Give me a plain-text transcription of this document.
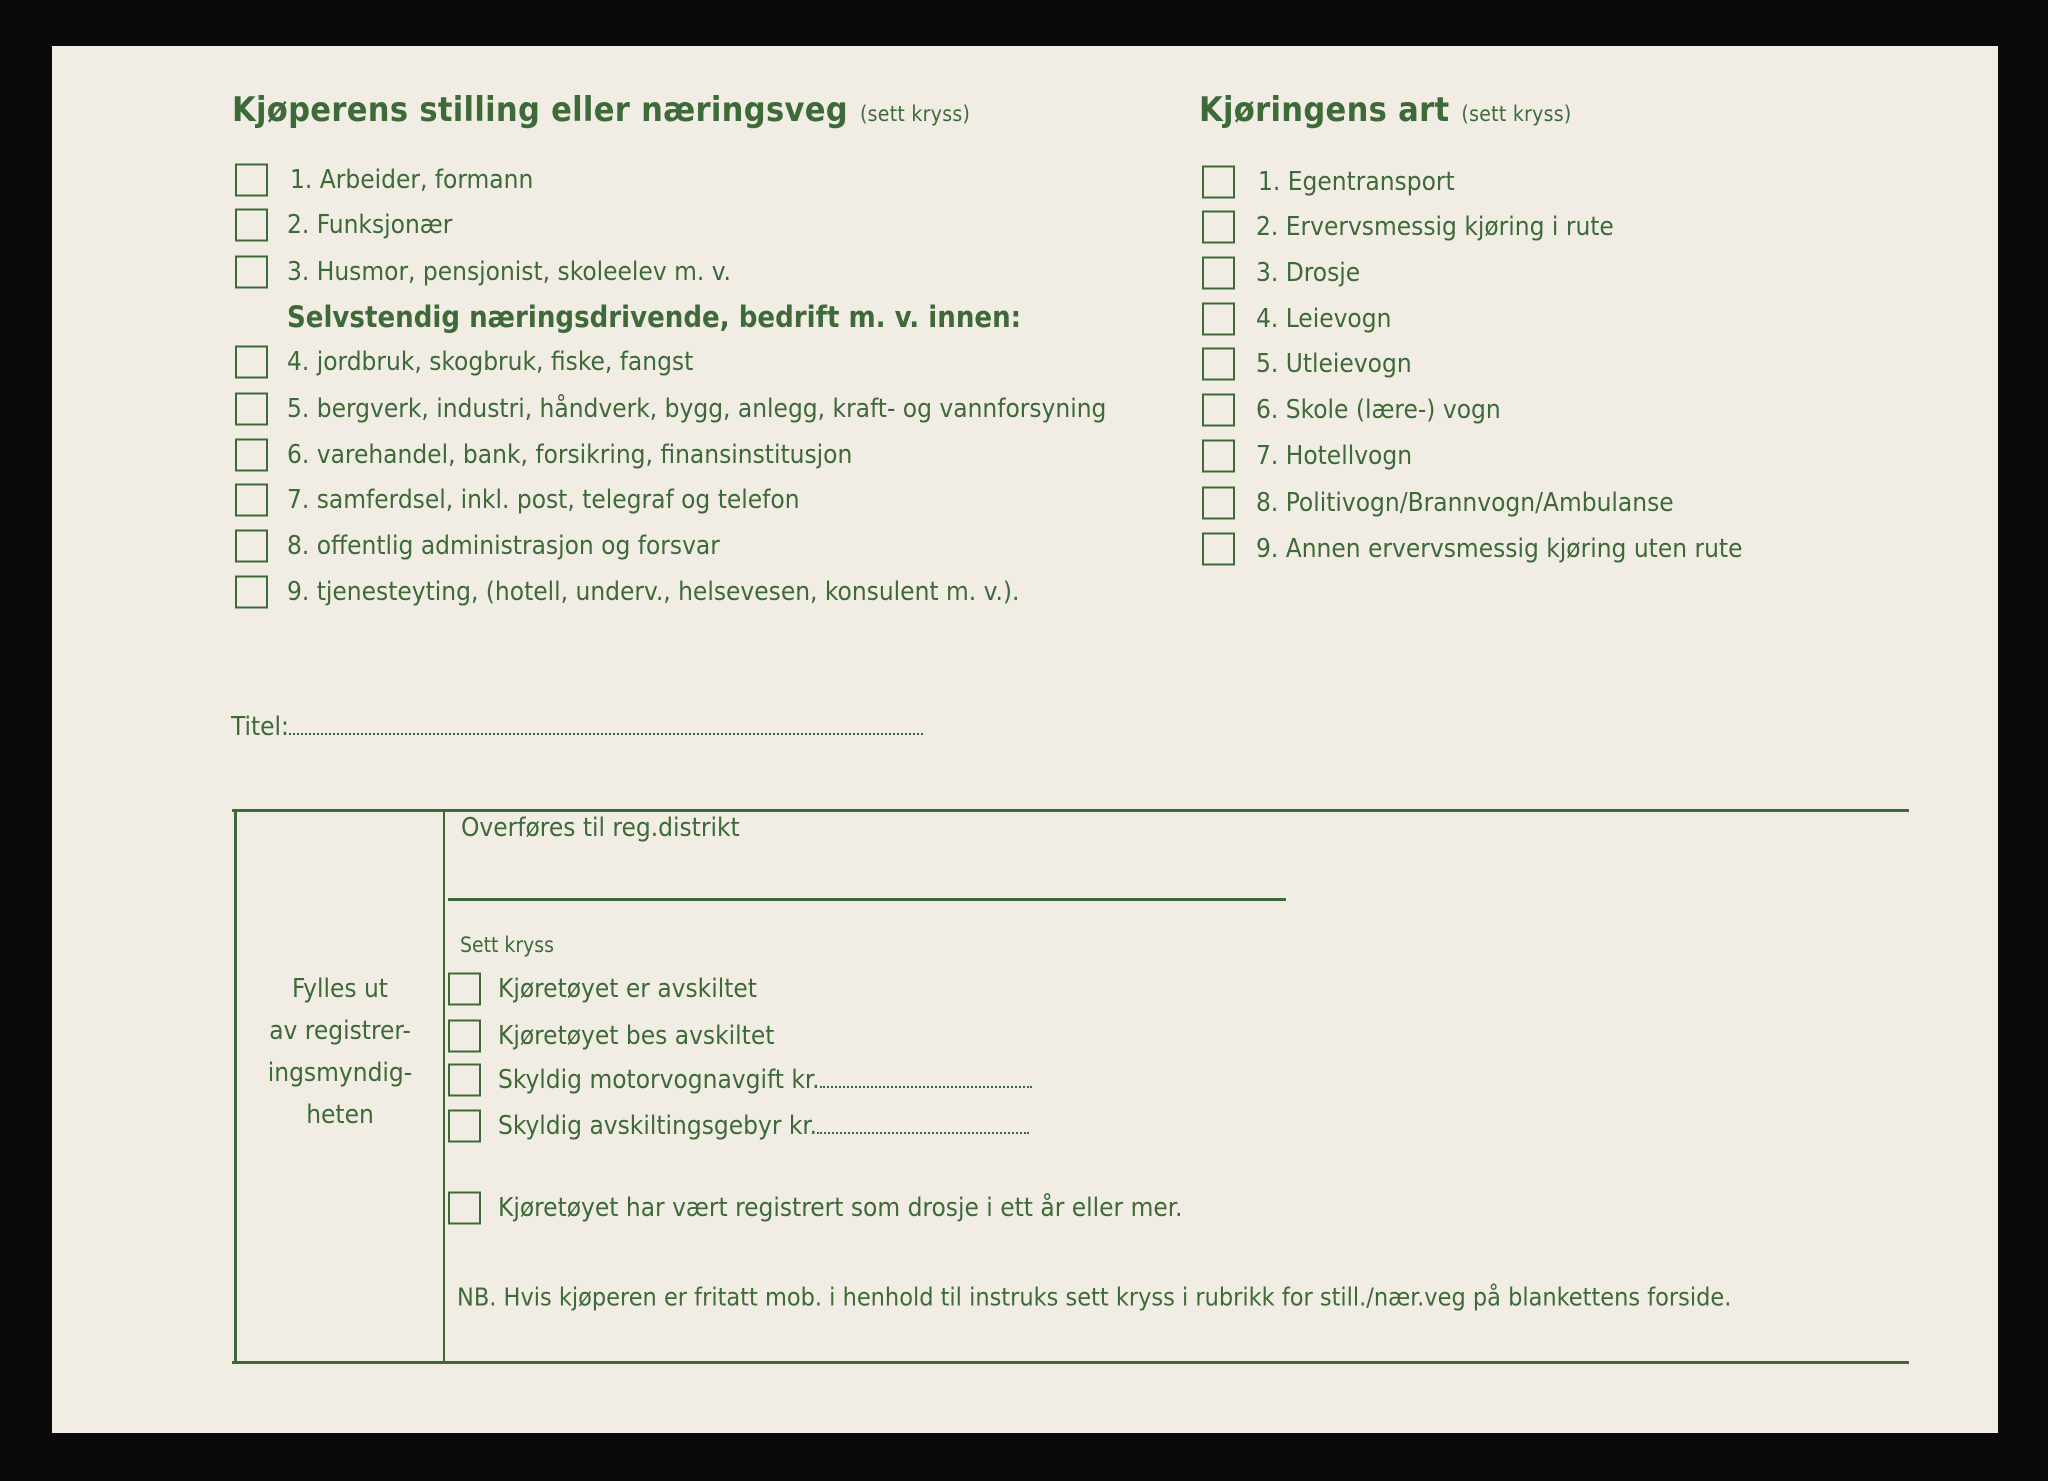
Kjøperens stilling eller næringsveg (sett kryss)
1. Arbeider, formann
2. Funksjonær
3. Husmor, pensjonist, skoleelev m. v.
Selvstendig næringsdrivende, bedrift m. v. innen:
4. jordbruk, skogbruk, fiske, fangst
5. bergverk, industri, håndverk, bygg, anlegg, kraft- og vannforsyning
6. varehandel, bank, forsikring, finansinstitusjon
7. samferdsel, inkl. post, telegraf og telefon
8. offentlig administrasjon og forsvar
9. tjenesteyting, (hotell, underv., helsevesen, konsulent m. v.).
Titel:
Kjøringens art (sett kryss)
1. Egentransport
2. Ervervsmessig kjøring i rute
3. Drosje
4. Leievogn
5. Utleievogn
6. Skole (lære-) vogn
7. Hotellvogn
8. Politivogn/Brannvogn/Ambulanse
9. Annen ervervsmessig kjøring uten rute
Fylles ut
av registrer-
ingsmyndig-
heten
Overføres til reg.distrikt
Sett kryss
Kjøretøyet er avskiltet
Kjøretøyet bes avskiltet
Skyldig motorvognavgift kr.
Skyldig avskiltingsgebyr kr.
Kjøretøyet har vært registrert som drosje i ett år eller mer.
NB. Hvis kjøperen er fritatt mob. i henhold til instruks sett kryss i rubrikk for still./nær.veg på blankettens forside.
